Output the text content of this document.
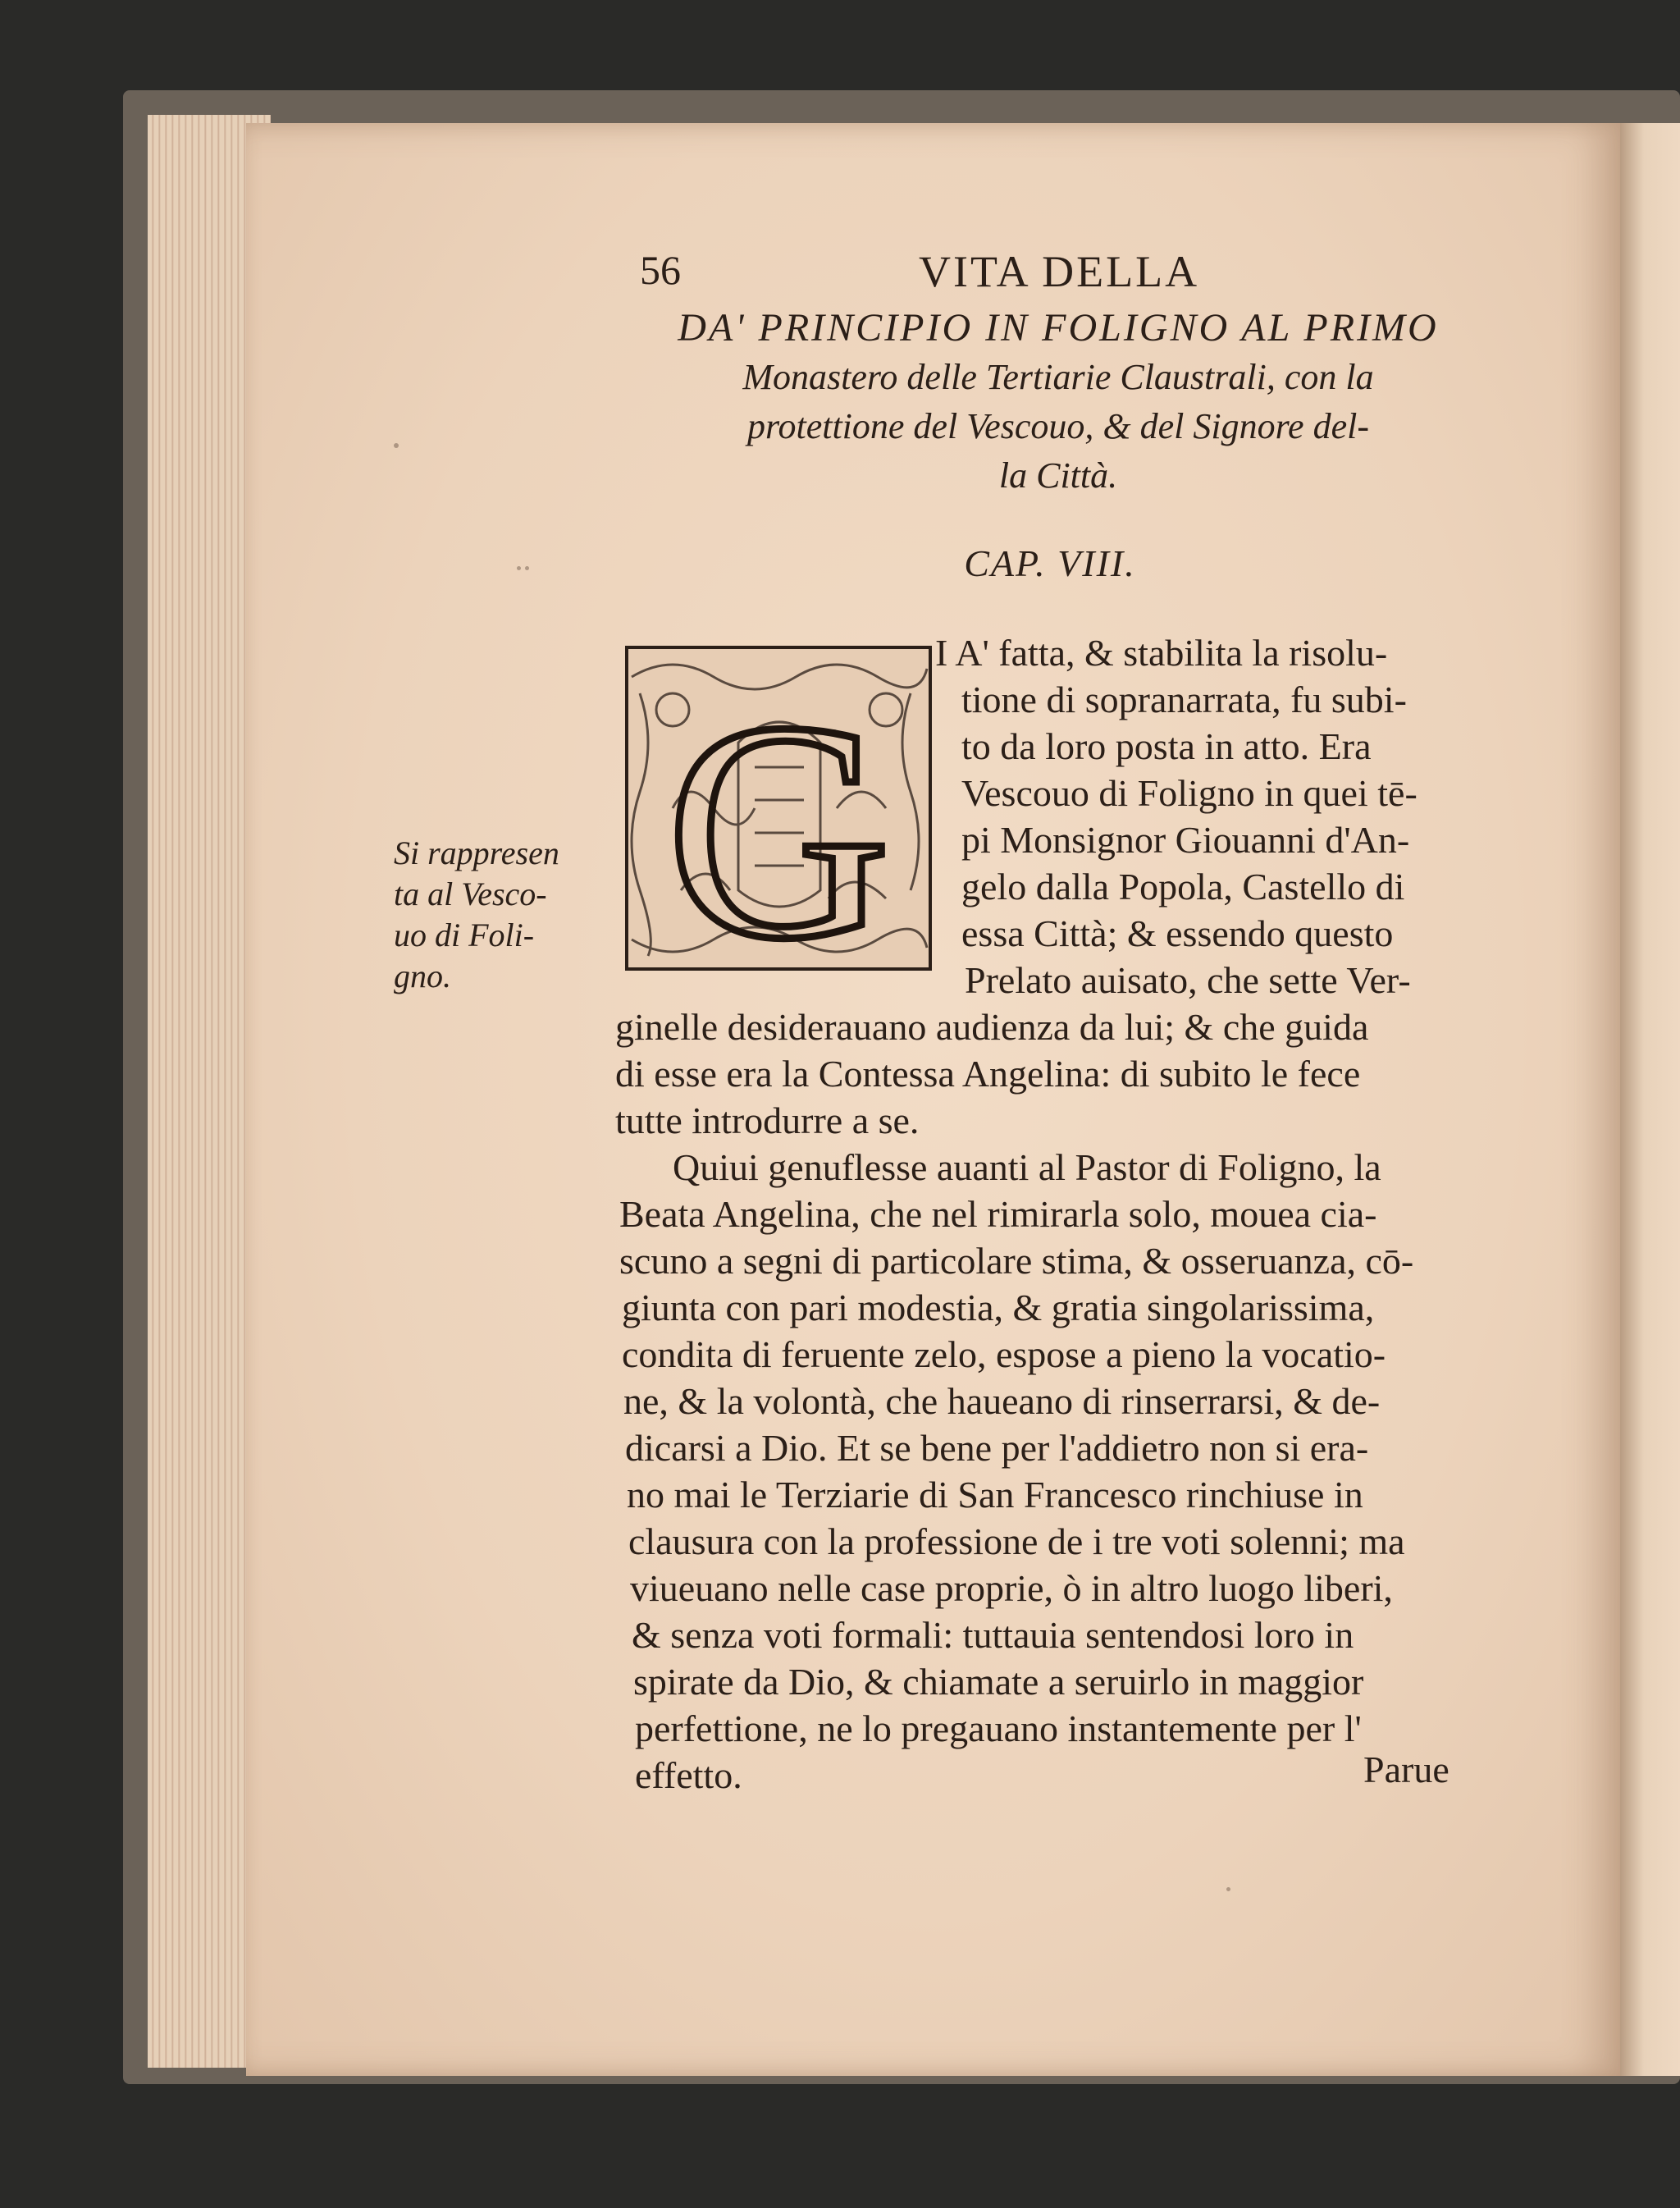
56	VITA DELLA
DA' PRINCIPIO IN FOLIGNO AL PRIMO
Monastero delle Tertiarie Claustrali, con la
protettione del Vescouo, & del Signore del-
la Città.
CAP. VIII.
G
Si rappresen
ta al Vesco-
uo di Foli-
gno.
I A' fatta, & stabilita la risolu-
tione di sopranarrata, fu subi-
to da loro posta in atto. Era
Vescouo di Foligno in quei tē-
pi Monsignor Giouanni d'An-
gelo dalla Popola, Castello di
essa Città; & essendo questo
Prelato auisato, che sette Ver-
ginelle desiderauano audienza da lui; & che guida
di esse era la Contessa Angelina: di subito le fece
tutte introdurre a se.
Quiui genuflesse auanti al Pastor di Foligno, la
Beata Angelina, che nel rimirarla solo, mouea cia-
scuno a segni di particolare stima, & osseruanza, cō-
giunta con pari modestia, & gratia singolarissima,
condita di feruente zelo, espose a pieno la vocatio-
ne, & la volontà, che haueano di rinserrarsi, & de-
dicarsi a Dio. Et se bene per l'addietro non si era-
no mai le Terziarie di San Francesco rinchiuse in
clausura con la professione de i tre voti solenni; ma
viueuano nelle case proprie, ò in altro luogo liberi,
& senza voti formali: tuttauia sentendosi loro in
spirate da Dio, & chiamate a seruirlo in maggior
perfettione, ne lo pregauano instantemente per l'
effetto.	Parue
